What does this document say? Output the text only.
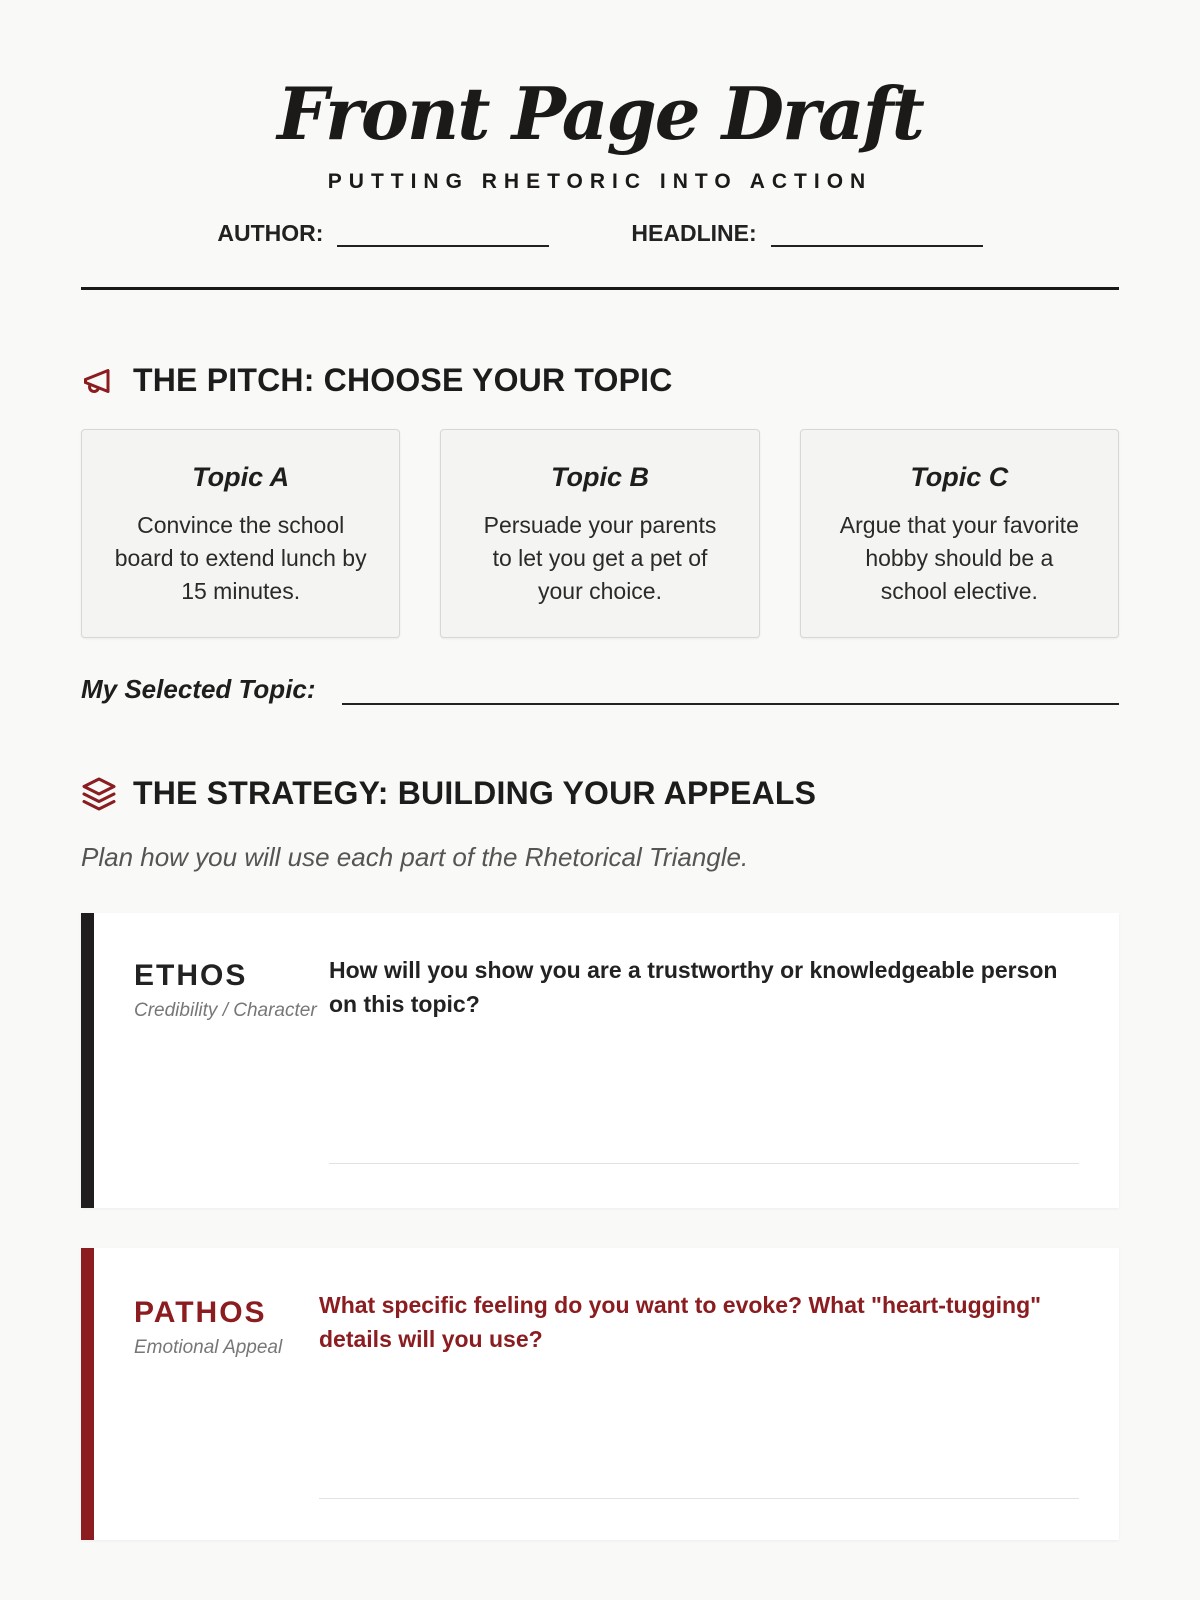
Front Page Draft
PUTTING RHETORIC INTO ACTION
AUTHOR:	HEADLINE:
THE PITCH: CHOOSE YOUR TOPIC
Topic A
Convince the school board to extend lunch by 15 minutes.
Topic B
Persuade your parents to let you get a pet of your choice.
Topic C
Argue that your favorite hobby should be a school elective.
My Selected Topic:
THE STRATEGY: BUILDING YOUR APPEALS

Plan how you will use each part of the Rhetorical Triangle.

ETHOS
Credibility / Character
How will you show you are a trustworthy or knowledgeable person on this topic?
PATHOS
Emotional Appeal
What specific feeling do you want to evoke? What "heart-tugging" details will you use?
